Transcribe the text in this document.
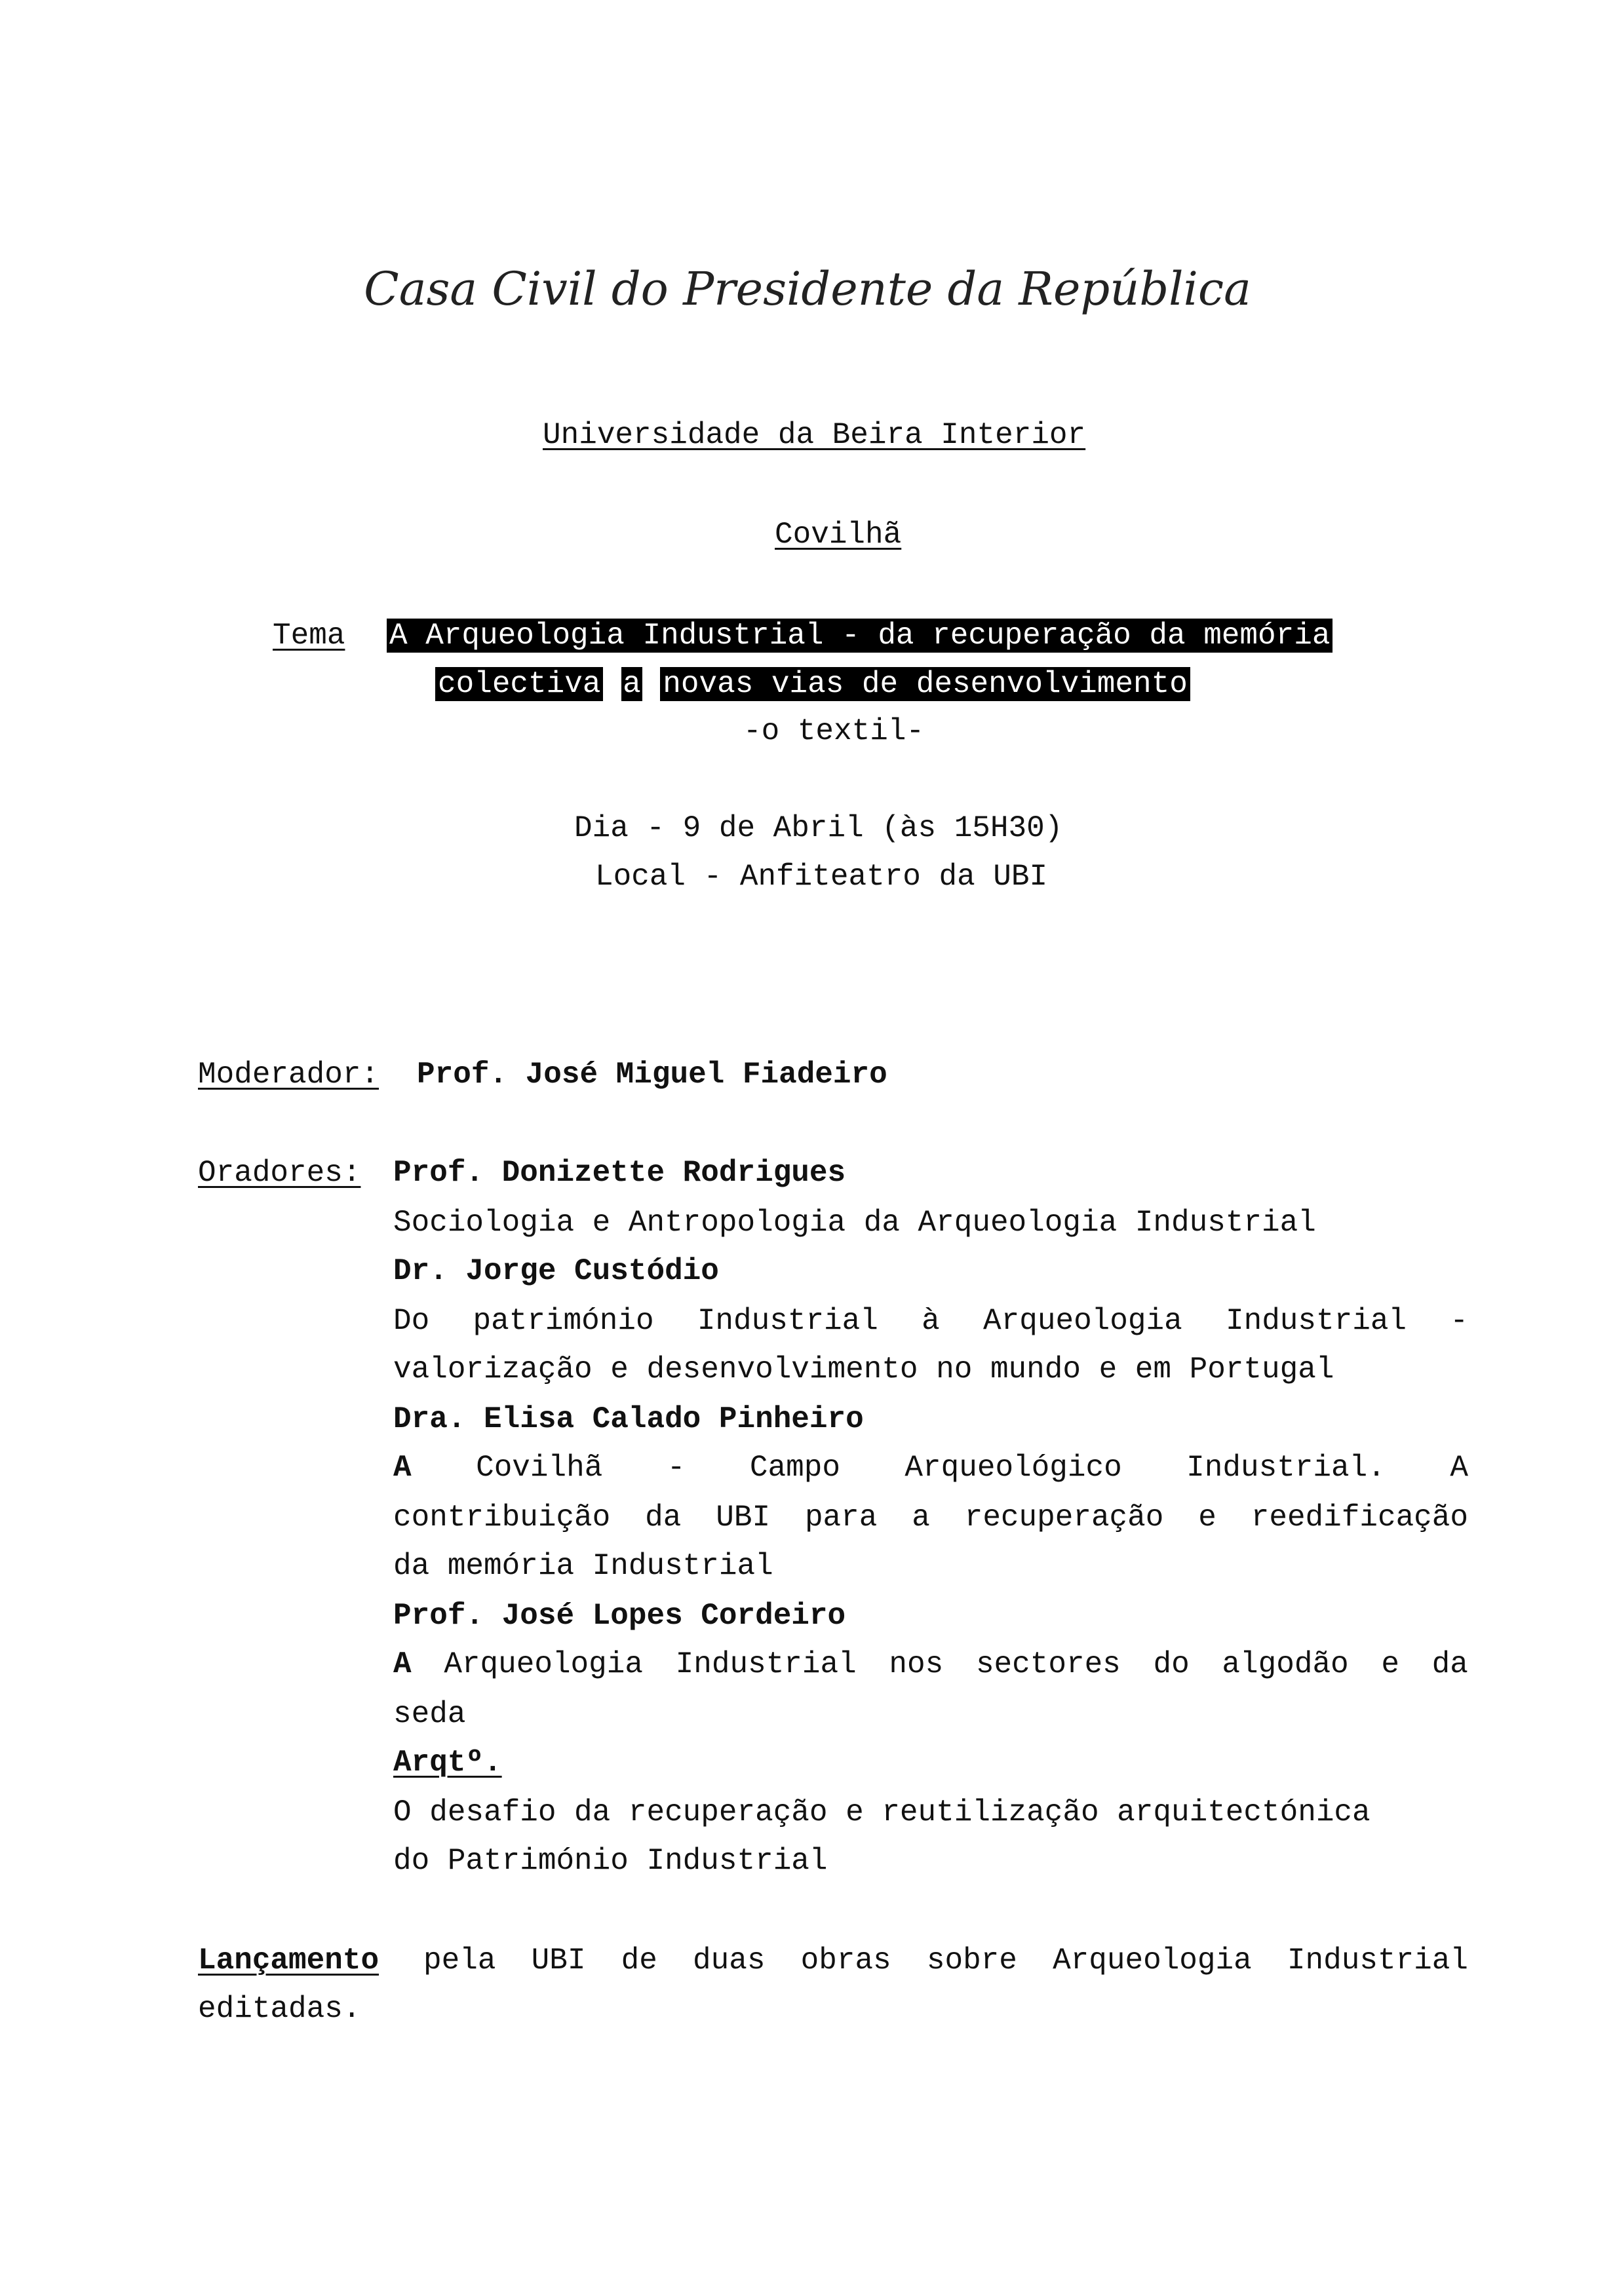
Casa Civil do Presidente da República
Universidade da Beira Interior
Covilhã
Tema A Arqueologia Industrial - da recuperação da memória
colectiva a novas vias de desenvolvimento
-o textil-
Dia - 9 de Abril (às 15H30)
Local - Anfiteatro da UBI
Moderador: Prof. José Miguel Fiadeiro
Oradores: Prof. Donizette Rodrigues
Sociologia e Antropologia da Arqueologia Industrial
Dr. Jorge Custódio
Do património Industrial à Arqueologia Industrial -
valorização e desenvolvimento no mundo e em Portugal
Dra. Elisa Calado Pinheiro
A Covilhã - Campo Arqueológico Industrial. A
contribuição da UBI para a recuperação e reedificação
da memória Industrial
Prof. José Lopes Cordeiro
A Arqueologia Industrial nos sectores do algodão e da
seda
Arqtº.
O desafio da recuperação e reutilização arquitectónica
do Património Industrial
Lançamento pela UBI de duas obras sobre Arqueologia Industrial
editadas.
